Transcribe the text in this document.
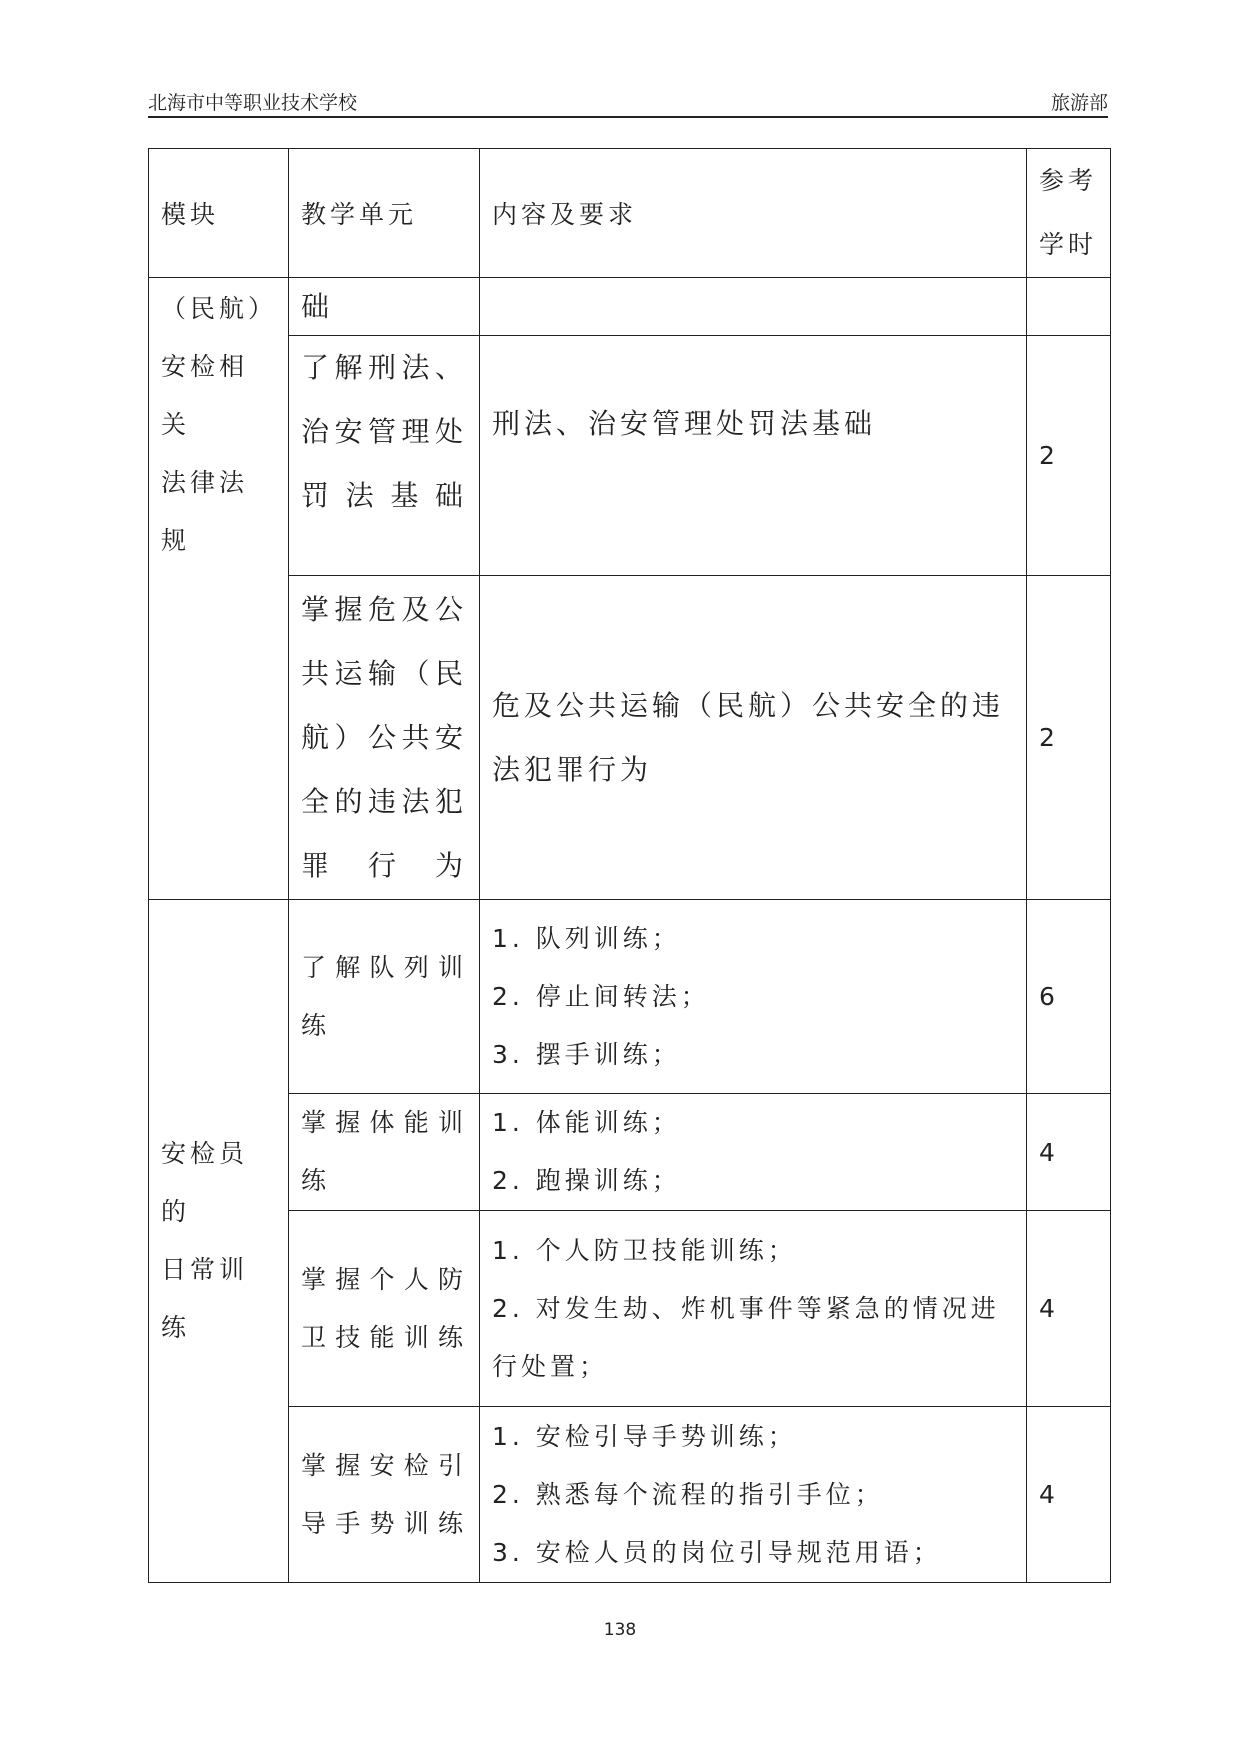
北海市中等职业技术学校	旅游部
模块	教学单元	内容及要求	参考
学时

（民航）
安检相关
法律法规	础		
	了解刑法、治安管理处罚法基础	刑法、治安管理处罚法基础	2
	掌握危及公共运输（民航）公共安全的违法犯罪行为	危及公共运输（民航）公共安全的违法犯罪行为	2

安检员的
日常训练	了解队列训练	1. 队列训练；
2. 停止间转法；
3. 摆手训练；	6
	掌握体能训练	1. 体能训练；
2. 跑操训练；	4
	掌握个人防卫技能训练	1. 个人防卫技能训练；
2. 对发生劫、炸机事件等紧急的情况进行处置；	4
	掌握安检引导手势训练	1. 安检引导手势训练；
2. 熟悉每个流程的指引手位；
3. 安检人员的岗位引导规范用语；	4
138
